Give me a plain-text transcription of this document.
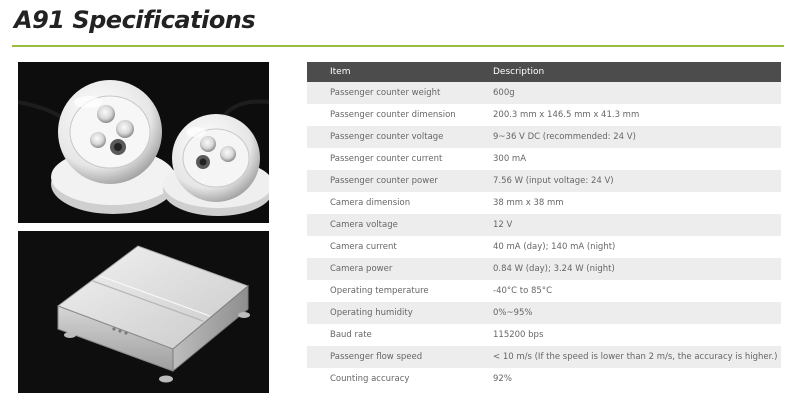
A91 Specifications
Item	Description
Passenger counter weight	600g
Passenger counter dimension	200.3 mm x 146.5 mm x 41.3 mm
Passenger counter voltage	9~36 V DC (recommended: 24 V)
Passenger counter current	300 mA
Passenger counter power	7.56 W (input voltage: 24 V)
Camera dimension	38 mm x 38 mm
Camera voltage	12 V
Camera current	40 mA (day); 140 mA (night)
Camera power	0.84 W (day); 3.24 W (night)
Operating temperature	-40°C to 85°C
Operating humidity	0%~95%
Baud rate	115200 bps
Passenger flow speed	< 10 m/s (If the speed is lower than 2 m/s, the accuracy is higher.)
Counting accuracy	92%
